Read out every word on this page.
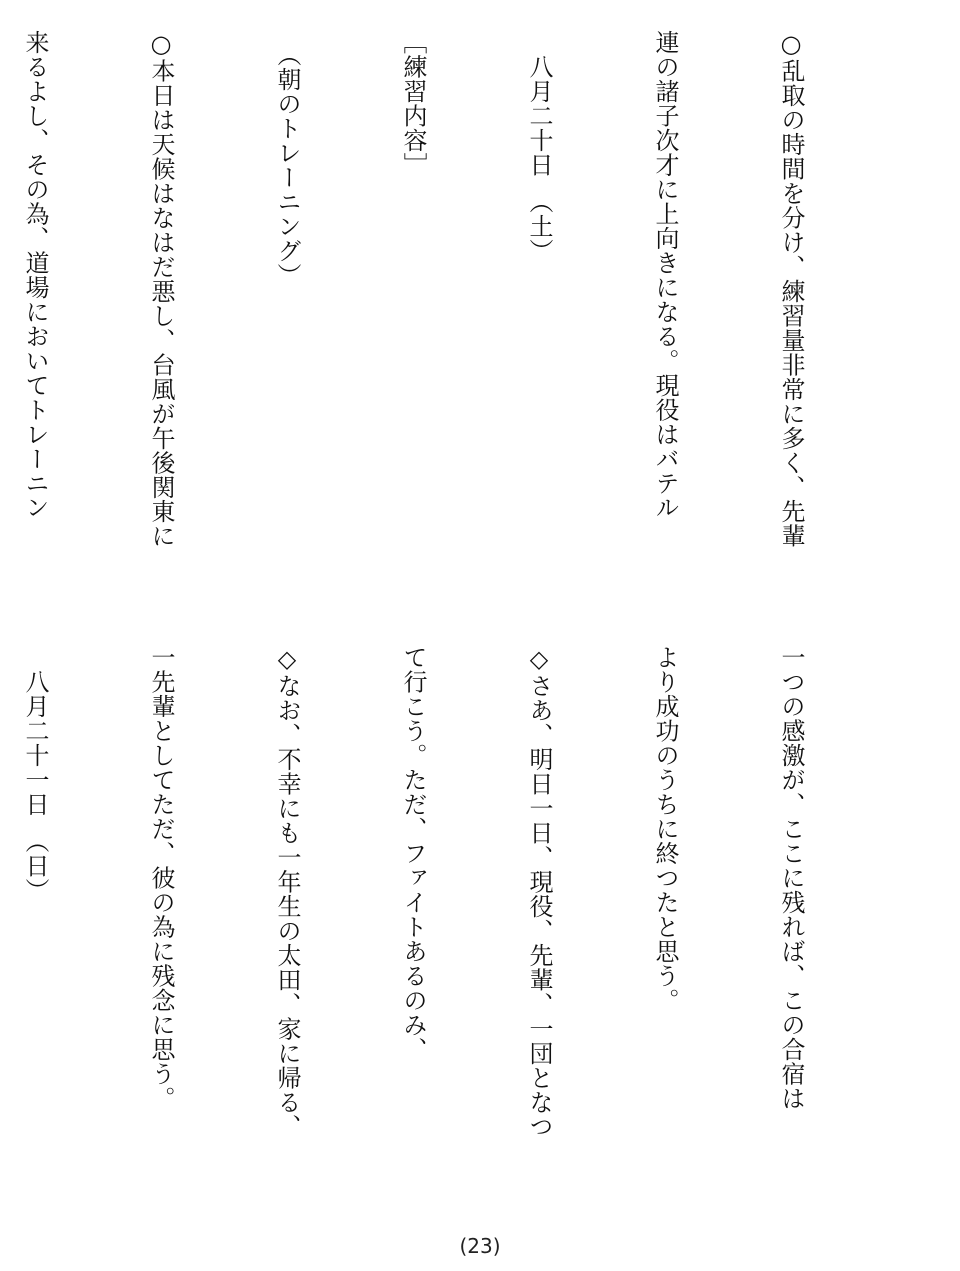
○乱取の時間を分け、練習量非常に多く、先輩

連の諸子次才に上向きになる。現役はバテル

　八月二十日　（土）

［練習内容］

　（朝のトレーニング）

○本日は天候はなはだ悪し、台風が午後関東に

来るよし、その為、道場においてトレーニン

一つの感激が、ここに残れば、この合宿は

より成功のうちに終つたと思う。

◇さあ、明日一日、現役、先輩、一団となつ

て行こう。ただ、ファイトあるのみ、

◇なお、不幸にも一年生の太田、家に帰る、

一先輩としてただ、彼の為に残念に思う。

　八月二十一日　（日）

(23)
